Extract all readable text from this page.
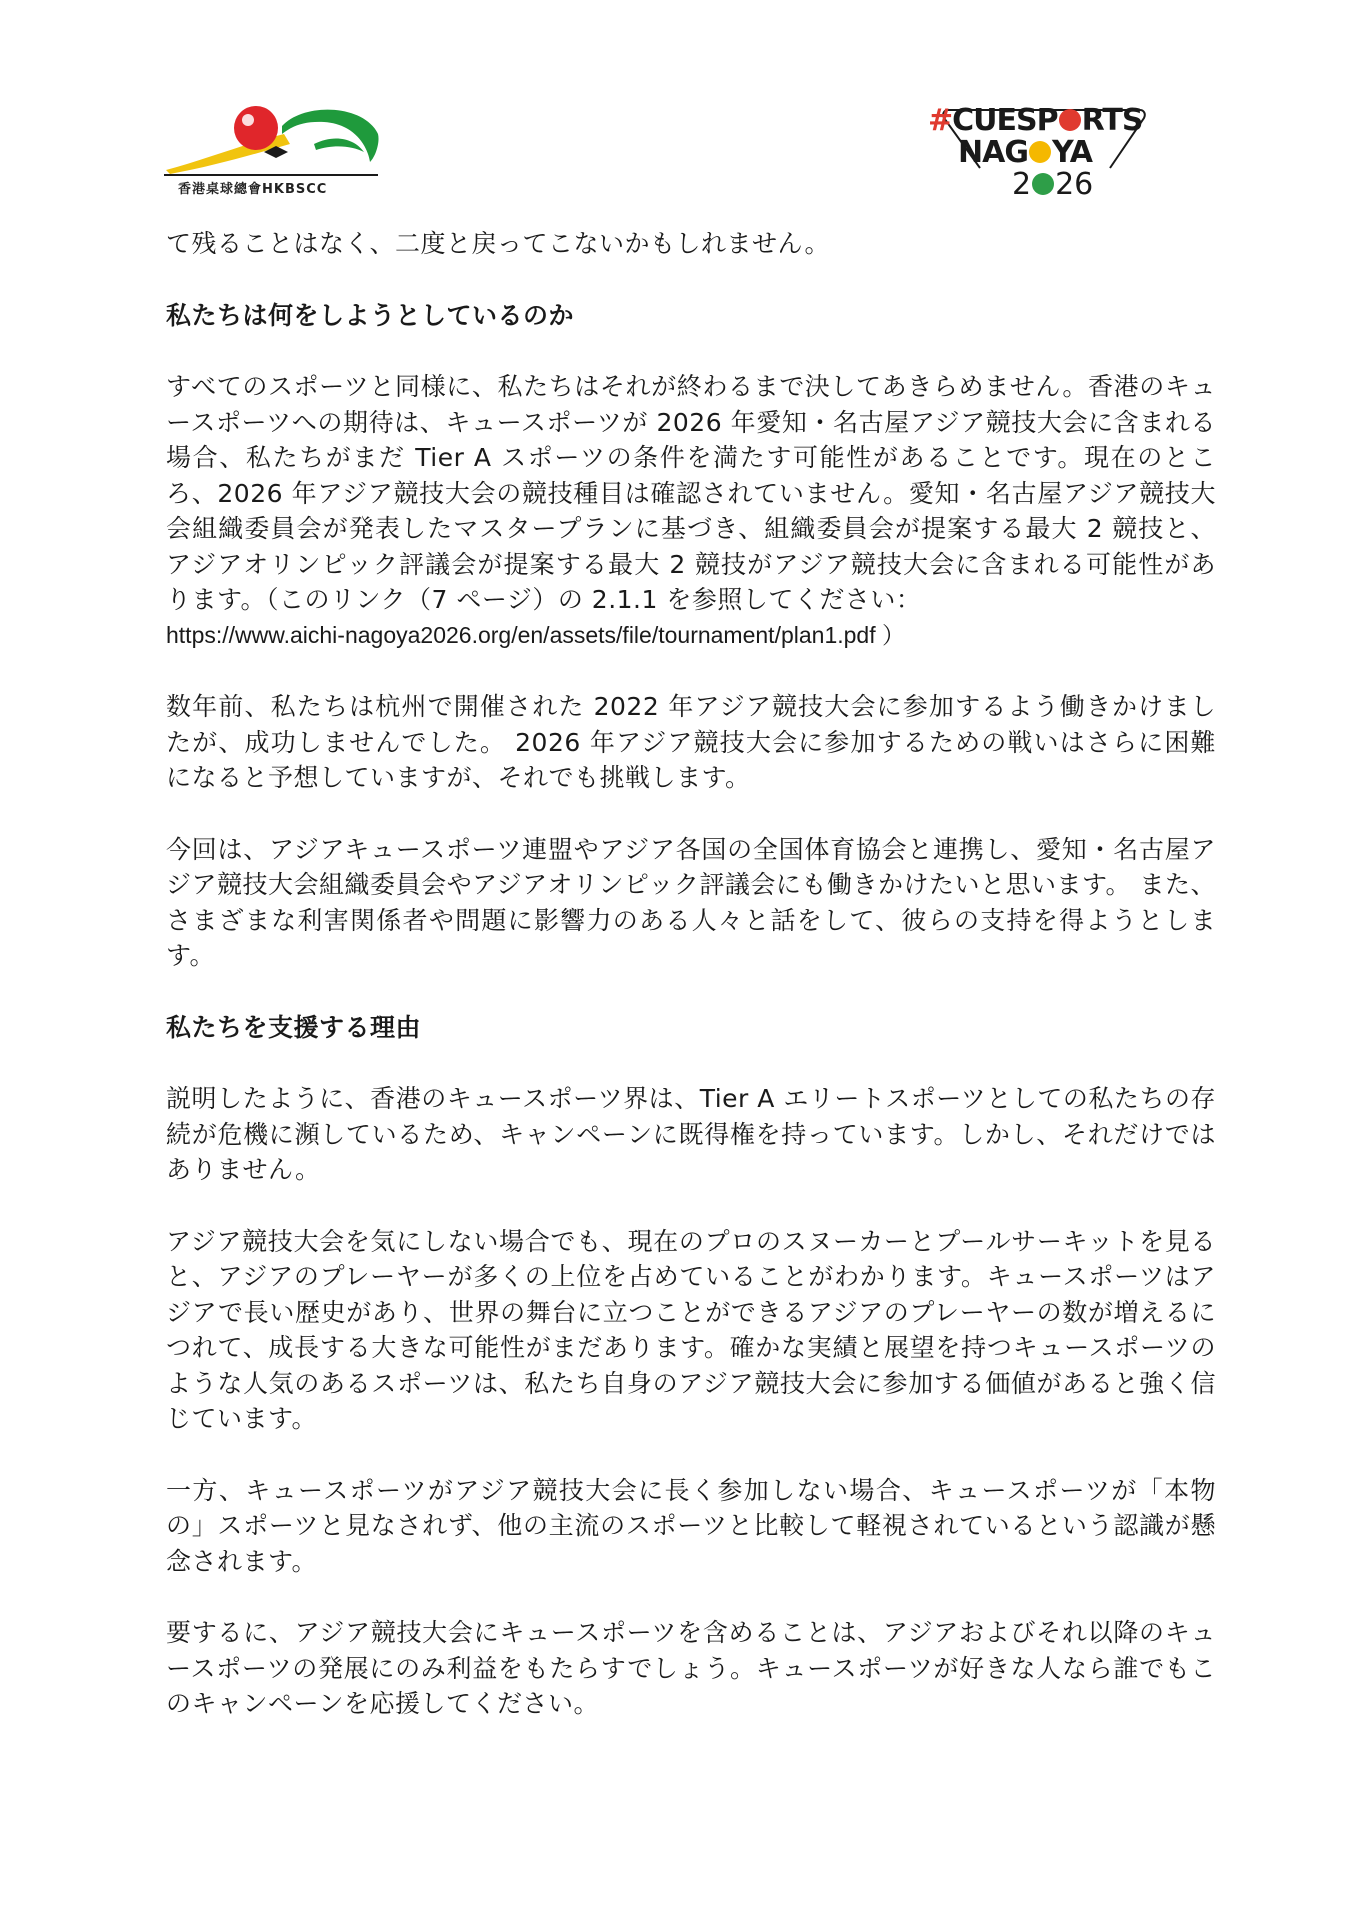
香港桌球總會HKBSCC
#CUESP RTS
NAG YA
2 26

て残ることはなく、二度と戻ってこないかもしれません。

私たちは何をしようとしているのか

すべてのスポーツと同様に、私たちはそれが終わるまで決してあきらめません。香港のキュースポーツへの期待は、キュースポーツが 2026 年愛知・名古屋アジア競技大会に含まれる場合、私たちがまだ Tier A スポーツの条件を満たす可能性があることです。現在のところ、2026 年アジア競技大会の競技種目は確認されていません。愛知・名古屋アジア競技大会組織委員会が発表したマスタープランに基づき、組織委員会が提案する最大 2 競技と、アジアオリンピック評議会が提案する最大 2 競技がアジア競技大会に含まれる可能性があります。（このリンク（7 ページ）の 2.1.1 を参照してください：

https://www.aichi-nagoya2026.org/en/assets/file/tournament/plan1.pdf ）

数年前、私たちは杭州で開催された 2022 年アジア競技大会に参加するよう働きかけましたが、成功しませんでした。 2026 年アジア競技大会に参加するための戦いはさらに困難になると予想していますが、それでも挑戦します。

今回は、アジアキュースポーツ連盟やアジア各国の全国体育協会と連携し、愛知・名古屋アジア競技大会組織委員会やアジアオリンピック評議会にも働きかけたいと思います。 また、さまざまな利害関係者や問題に影響力のある人々と話をして、彼らの支持を得ようとします。

私たちを支援する理由

説明したように、香港のキュースポーツ界は、Tier A エリートスポーツとしての私たちの存続が危機に瀕しているため、キャンペーンに既得権を持っています。しかし、それだけではありません。

アジア競技大会を気にしない場合でも、現在のプロのスヌーカーとプールサーキットを見ると、アジアのプレーヤーが多くの上位を占めていることがわかります。キュースポーツはアジアで長い歴史があり、世界の舞台に立つことができるアジアのプレーヤーの数が増えるにつれて、成長する大きな可能性がまだあります。確かな実績と展望を持つキュースポーツのような人気のあるスポーツは、私たち自身のアジア競技大会に参加する価値があると強く信じています。

一方、キュースポーツがアジア競技大会に長く参加しない場合、キュースポーツが「本物の」スポーツと見なされず、他の主流のスポーツと比較して軽視されているという認識が懸念されます。

要するに、アジア競技大会にキュースポーツを含めることは、アジアおよびそれ以降のキュースポーツの発展にのみ利益をもたらすでしょう。キュースポーツが好きな人なら誰でもこのキャンペーンを応援してください。
